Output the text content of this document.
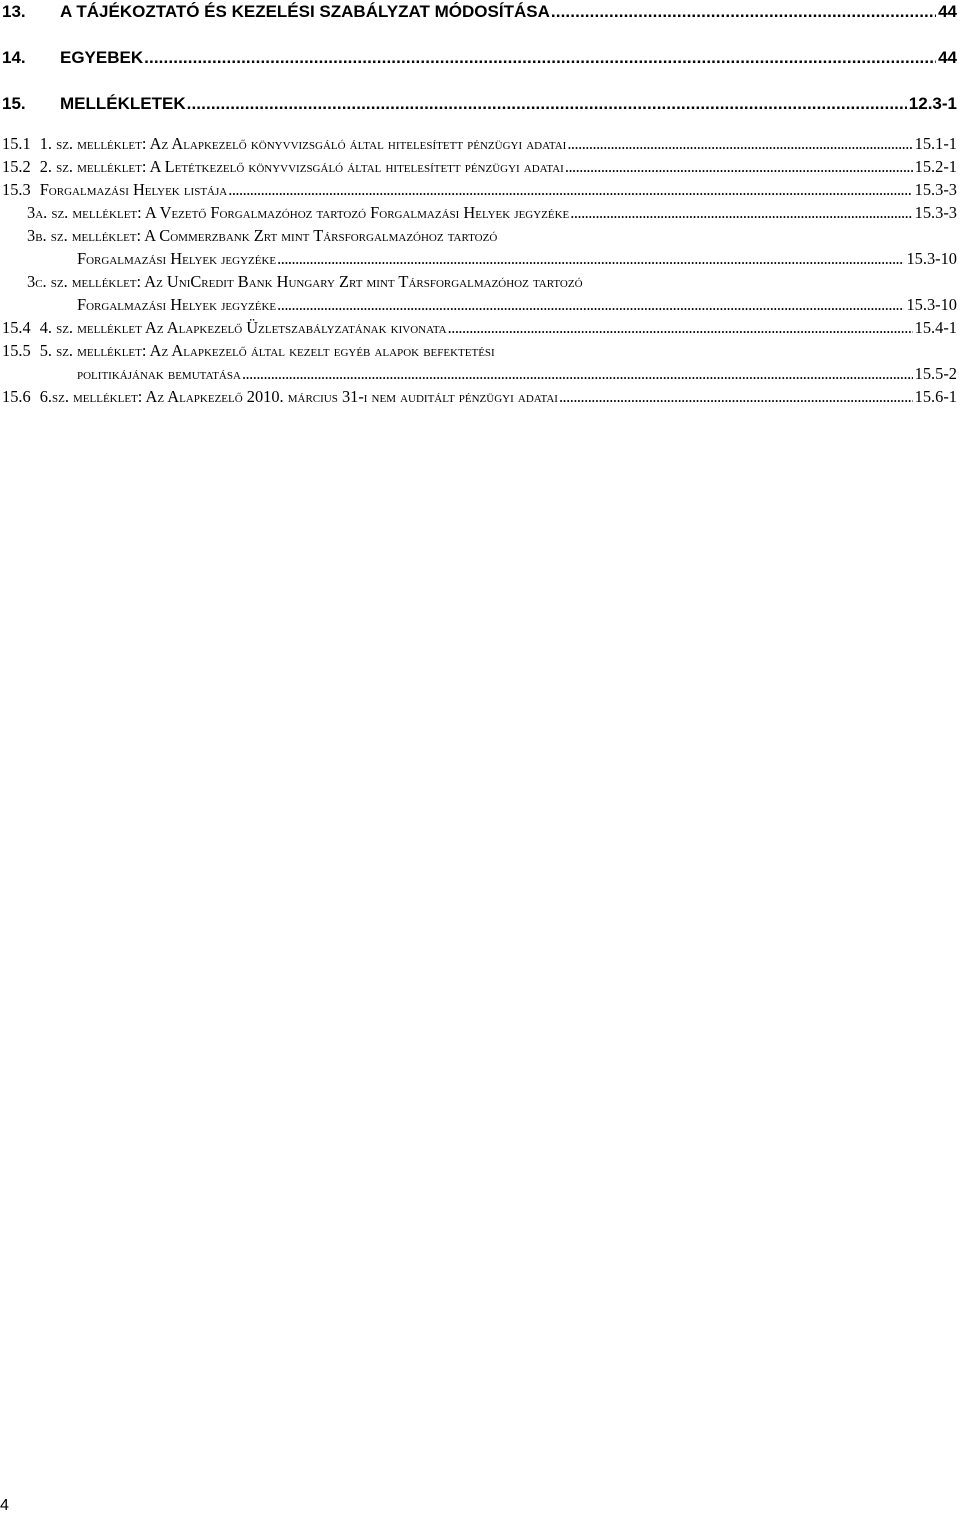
13.	A TÁJÉKOZTATÓ ÉS KEZELÉSI SZABÁLYZAT MÓDOSÍTÁSA . . .	44
14.	EGYEBEK . . .	44
15.	MELLÉKLETEK . . .	12.3-1
15.1 1. sz. melléklet: Az Alapkezelő könyvvizsgáló által hitelesített pénzügyi adatai . . .	15.1-1
15.2 2. sz. melléklet: A Letétkezelő könyvvizsgáló által hitelesített pénzügyi adatai . . .	15.2-1
15.3 Forgalmazási Helyek listája . . .	15.3-3
3a. sz. melléklet: A Vezető Forgalmazóhoz tartozó Forgalmazási Helyek jegyzéke . . .	15.3-3
3b. sz. melléklet: A Commerzbank Zrt mint Társforgalmazóhoz tartozó
Forgalmazási Helyek jegyzéke . . .	15.3-10
3c. sz. melléklet: Az UniCredit Bank Hungary Zrt mint Társforgalmazóhoz tartozó
Forgalmazási Helyek jegyzéke . . .	15.3-10
15.4 4. sz. melléklet Az Alapkezelő Üzletszabályzatának kivonata . . .	15.4-1
15.5 5. sz. melléklet: Az Alapkezelő által kezelt egyéb alapok befektetési
politikájának bemutatása . . .	15.5-2
15.6 6.sz. melléklet: Az Alapkezelő 2010. március 31-i nem auditált pénzügyi adatai . . .	15.6-1
4
